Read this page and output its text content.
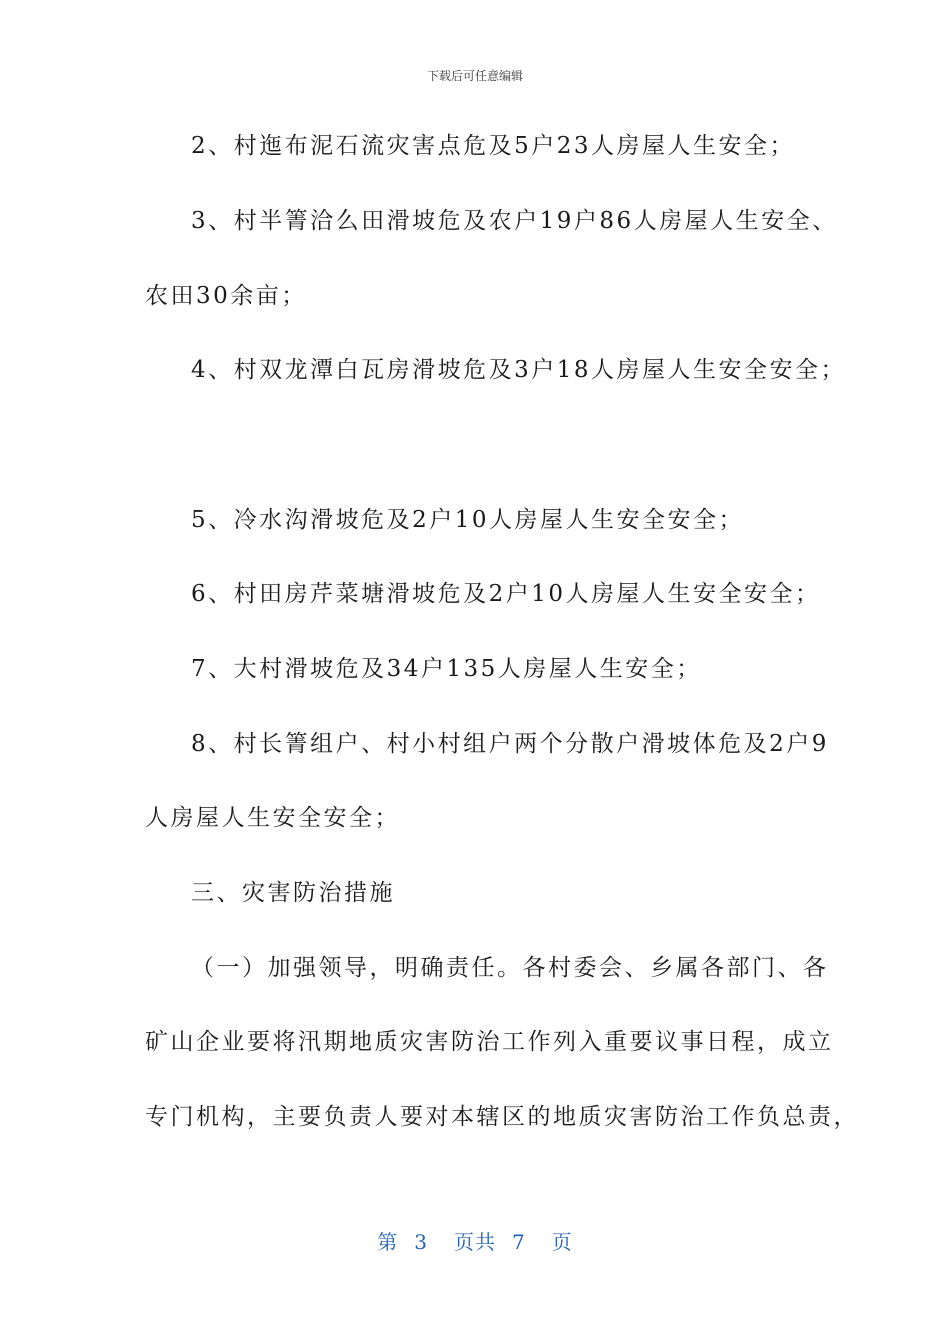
下载后可任意编辑
2、村迤布泥石流灾害点危及5户23人房屋人生安全；
3、村半箐洽么田滑坡危及农户19户86人房屋人生安全、
农田30余亩；
4、村双龙潭白瓦房滑坡危及3户18人房屋人生安全安全；
5、冷水沟滑坡危及2户10人房屋人生安全安全；
6、村田房芹菜塘滑坡危及2户10人房屋人生安全安全；
7、大村滑坡危及34户135人房屋人生安全；
8、村长箐组户、村小村组户两个分散户滑坡体危及2户9
人房屋人生安全安全；
三、灾害防治措施
（一）加强领导，明确责任。各村委会、乡属各部门、各
矿山企业要将汛期地质灾害防治工作列入重要议事日程，成立
专门机构，主要负责人要对本辖区的地质灾害防治工作负总责，
第 3 页共 7 页
